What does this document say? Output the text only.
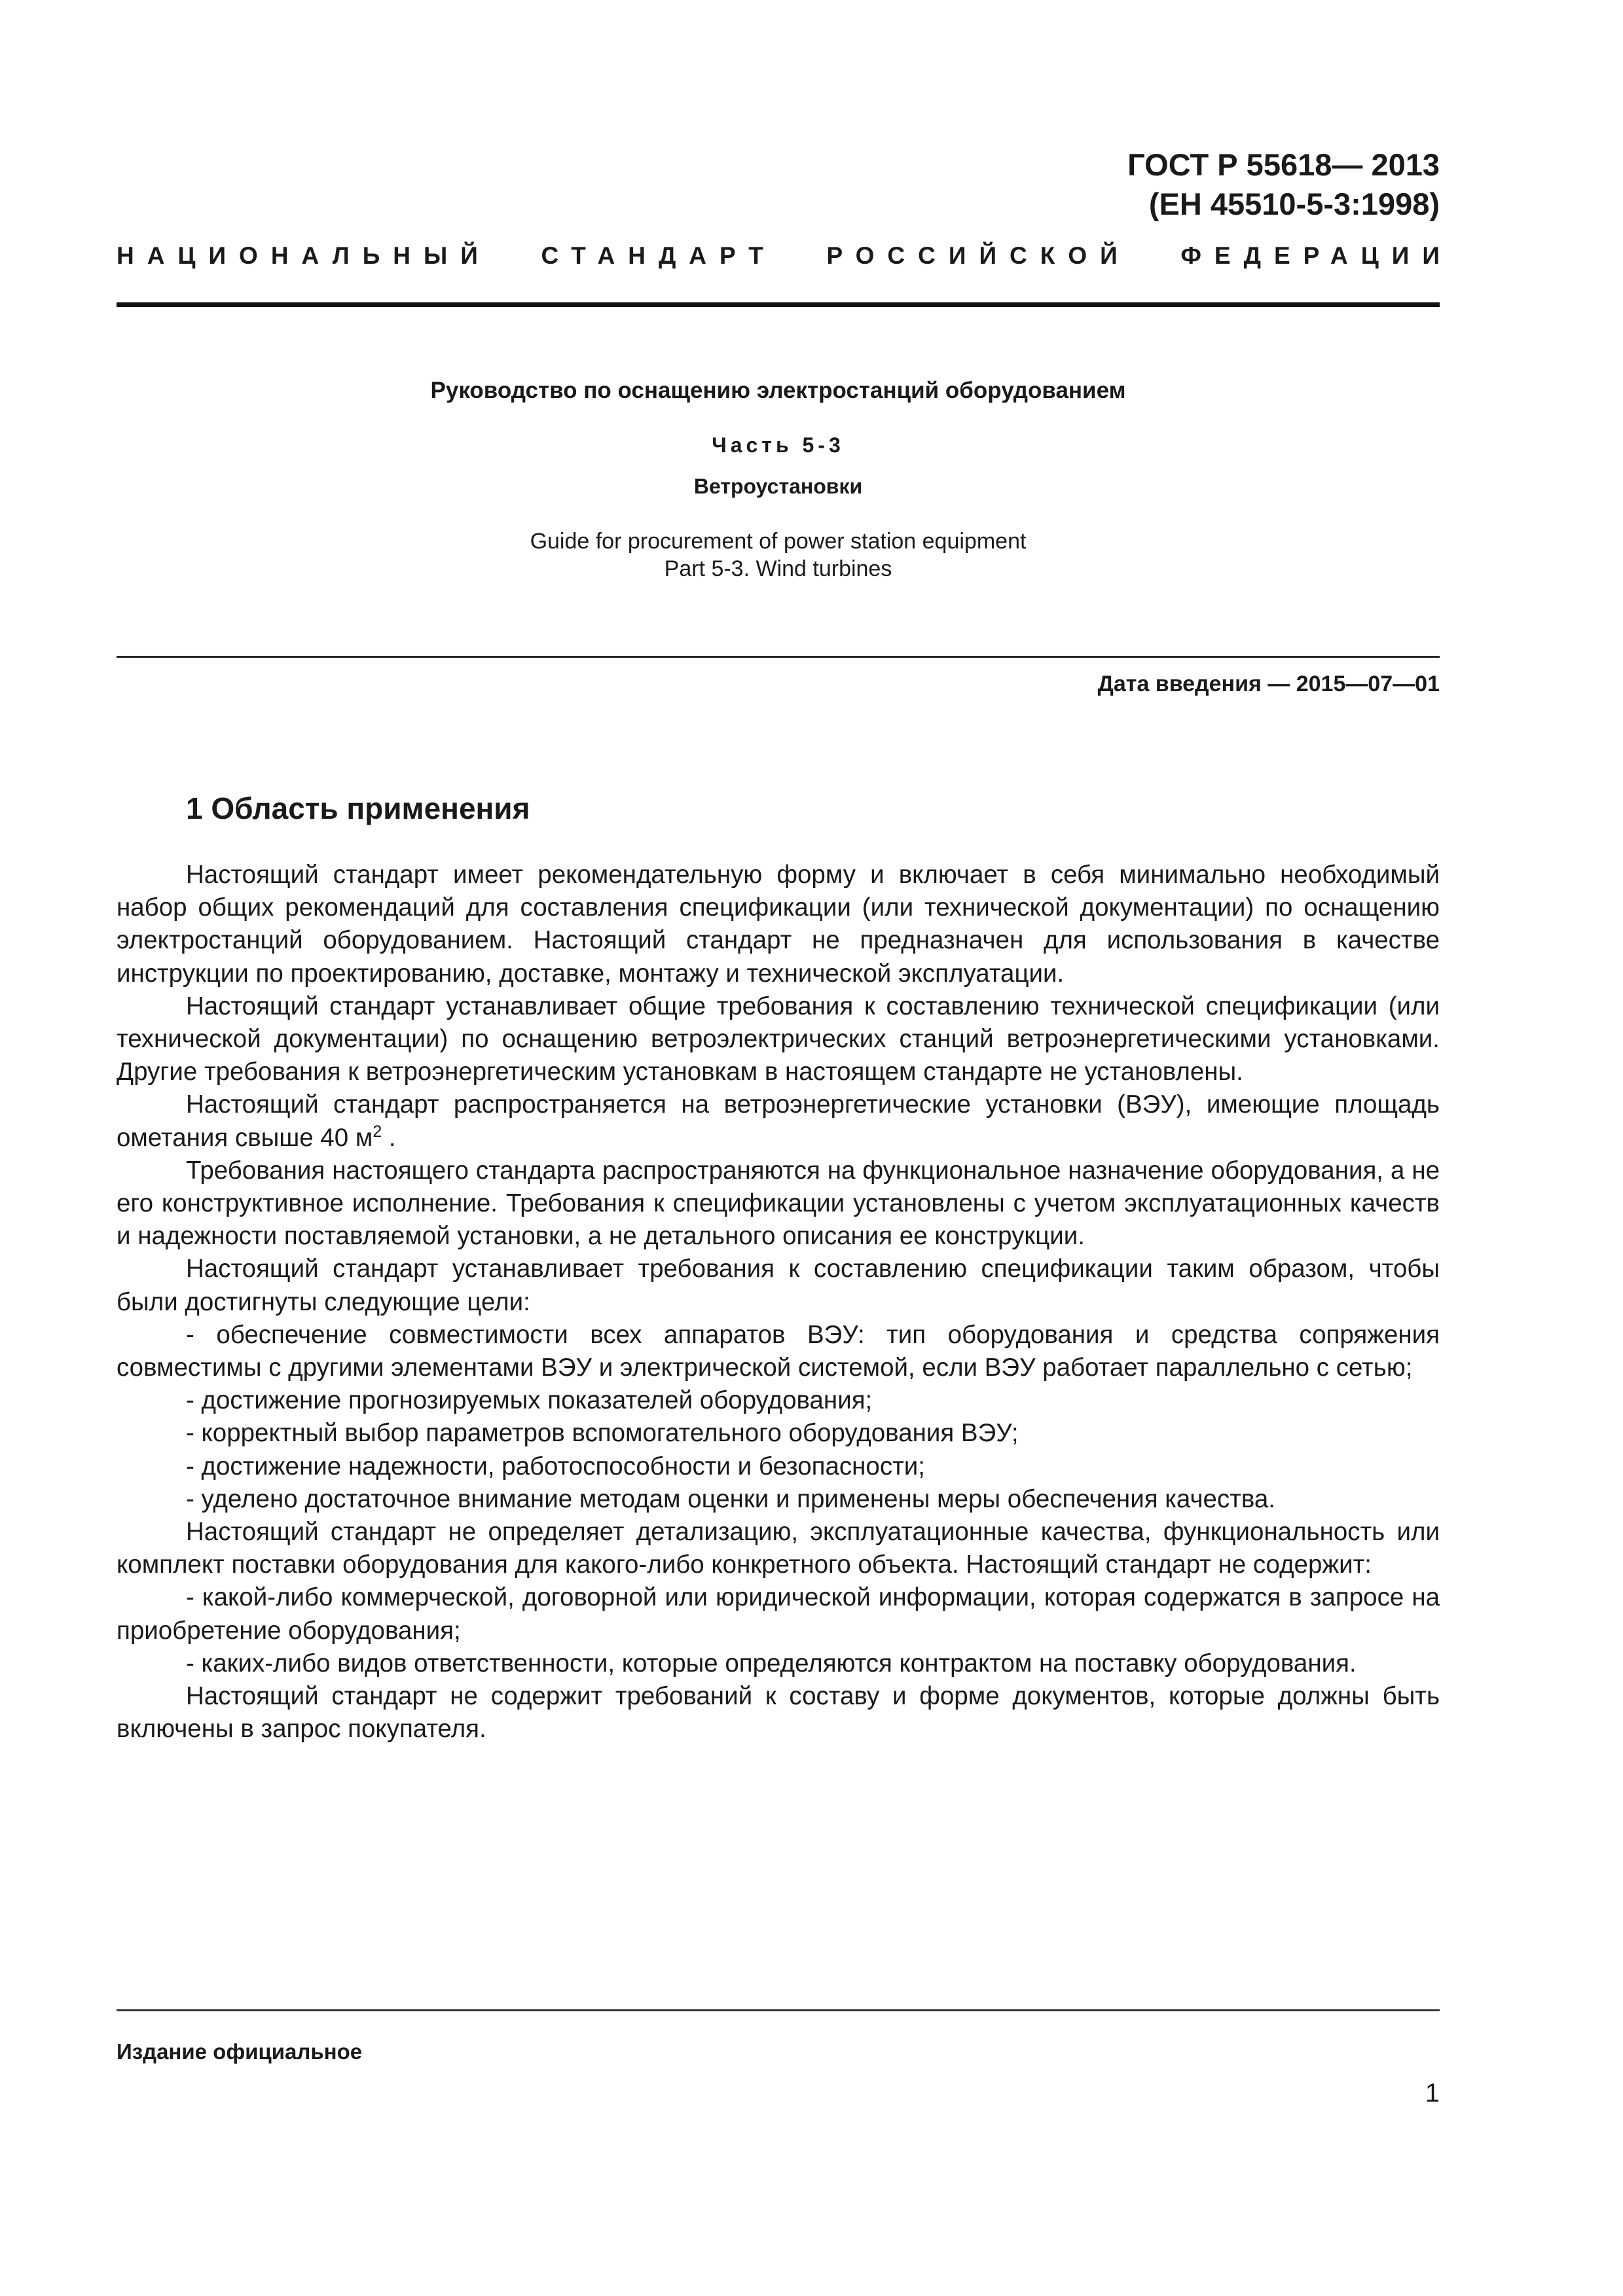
ГОСТ Р 55618— 2013
(ЕН 45510-5-3:1998)
НАЦИОНАЛЬНЫЙ СТАНДАРТ РОССИЙСКОЙ ФЕДЕРАЦИИ
Руководство по оснащению электростанций оборудованием
Часть 5-3
Ветроустановки
Guide for procurement of power station equipment
Part 5-3. Wind turbines
Дата введения — 2015—07—01
1 Область применения

Настоящий стандарт имеет рекомендательную форму и включает в себя минимально необходимый набор общих рекомендаций для составления спецификации (или технической документации) по оснащению электростанций оборудованием. Настоящий стандарт не предназначен для использования в качестве инструкции по проектированию, доставке, монтажу и технической эксплуатации.

Настоящий стандарт устанавливает общие требования к составлению технической спецификации (или технической документации) по оснащению ветроэлектрических станций ветроэнергетическими установками. Другие требования к ветроэнергетическим установкам в настоящем стандарте не установлены.

Настоящий стандарт распространяется на ветроэнергетические установки (ВЭУ), имеющие площадь ометания свыше 40 $м^2$ .

Требования настоящего стандарта распространяются на функциональное назначение оборудования, а не его конструктивное исполнение. Требования к спецификации установлены с учетом эксплуатационных качеств и надежности поставляемой установки, а не детального описания ее конструкции.

Настоящий стандарт устанавливает требования к составлению спецификации таким образом, чтобы были достигнуты следующие цели:

- обеспечение совместимости всех аппаратов ВЭУ: тип оборудования и средства сопряжения совместимы с другими элементами ВЭУ и электрической системой, если ВЭУ работает параллельно с сетью;

- достижение прогнозируемых показателей оборудования;

- корректный выбор параметров вспомогательного оборудования ВЭУ;

- достижение надежности, работоспособности и безопасности;

- уделено достаточное внимание методам оценки и применены меры обеспечения качества.

Настоящий стандарт не определяет детализацию, эксплуатационные качества, функциональность или комплект поставки оборудования для какого-либо конкретного объекта. Настоящий стандарт не содержит:

- какой-либо коммерческой, договорной или юридической информации, которая содержатся в запросе на приобретение оборудования;

- каких-либо видов ответственности, которые определяются контрактом на поставку оборудования.

Настоящий стандарт не содержит требований к составу и форме документов, которые должны быть включены в запрос покупателя.

Издание официальное
1
